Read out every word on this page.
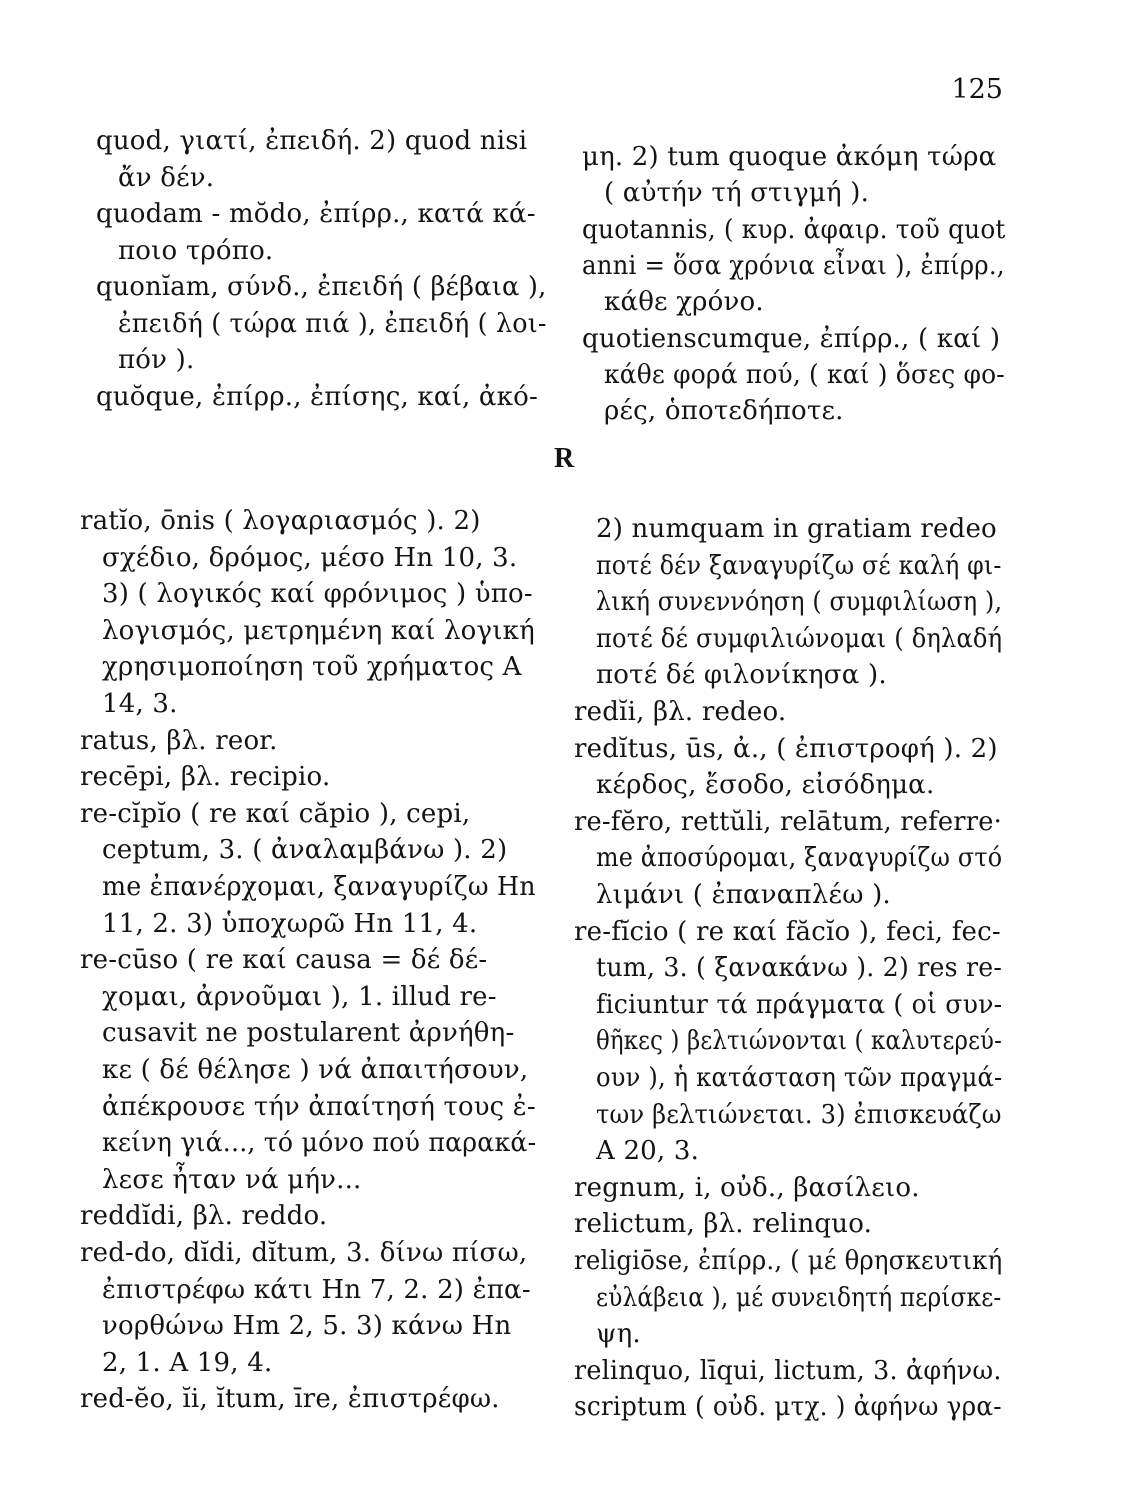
125
R
quod, γιατί, ἐπειδή. 2) quod nisi
ἄν δέν.
quodam - mŏdo, ἐπίρρ., κατά κά-
ποιο τρόπο.
quonĭam, σύνδ., ἐπειδή ( βέβαια ),
ἐπειδή ( τώρα πιά ), ἐπειδή ( λοι-
πόν ).
quŏque, ἐπίρρ., ἐπίσης, καί, ἀκό-
μη. 2) tum quoque ἀκόμη τώρα
( αὐτήν τή στιγμή ).
quotannis, ( κυρ. ἀφαιρ. τοῦ quot
anni = ὅσα χρόνια εἶναι ), ἐπίρρ.,
κάθε χρόνο.
quotienscumque, ἐπίρρ., ( καί )
κάθε φορά πού, ( καί ) ὅσες φο-
ρές, ὁποτεδήποτε.
ratĭo, ōnis ( λογαριασμός ). 2)
σχέδιο, δρόμος, μέσο Hn 10, 3.
3) ( λογικός καί φρόνιμος ) ὑπο-
λογισμός, μετρημένη καί λογική
χρησιμοποίηση τοῦ χρήματος A
14, 3.
ratus, βλ. reor.
recēpi, βλ. recipio.
re-cĭpĭo ( re καί căpio ), cepi,
ceptum, 3. ( ἀναλαμβάνω ). 2)
me ἐπανέρχομαι, ξαναγυρίζω Hn
11, 2. 3) ὑποχωρῶ Hn 11, 4.
re-cūso ( re καί causa = δέ δέ-
χομαι, ἀρνοῦμαι ), 1. illud re-
cusavit ne postularent ἀρνήθη-
κε ( δέ θέλησε ) νά ἀπαιτήσουν,
ἀπέκρουσε τήν ἀπαίτησή τους ἐ-
κείνη γιά..., τό μόνο πού παρακά-
λεσε ἦταν νά μήν...
reddĭdi, βλ. reddo.
red-do, dĭdi, dĭtum, 3. δίνω πίσω,
ἐπιστρέφω κάτι Hn 7, 2. 2) ἐπα-
νορθώνω Hm 2, 5. 3) κάνω Hn
2, 1. A 19, 4.
red-ĕo, ĭi, ĭtum, īre, ἐπιστρέφω.
2) numquam in gratiam redeo
ποτέ δέν ξαναγυρίζω σέ καλή φι-
λική συνεννόηση ( συμφιλίωση ),
ποτέ δέ συμφιλιώνομαι ( δηλαδή
ποτέ δέ φιλονίκησα ).
redĭi, βλ. redeo.
redĭtus, ūs, ἀ., ( ἐπιστροφή ). 2)
κέρδος, ἔσοδο, εἰσόδημα.
re-fĕro, rettŭli, relātum, referre·
me ἀποσύρομαι, ξαναγυρίζω στό
λιμάνι ( ἐπαναπλέω ).
re-fĭcio ( re καί făcĭo ), feci, fec-
tum, 3. ( ξανακάνω ). 2) res re-
ficiuntur τά πράγματα ( οἱ συν-
θῆκες ) βελτιώνονται ( καλυτερεύ-
ουν ), ἡ κατάσταση τῶν πραγμά-
των βελτιώνεται. 3) ἐπισκευάζω
A 20, 3.
regnum, i, οὐδ., βασίλειο.
relictum, βλ. relinquo.
religiōse, ἐπίρρ., ( μέ θρησκευτική
εὐλάβεια ), μέ συνειδητή περίσκε-
ψη.
relinquo, līqui, lictum, 3. ἀφήνω.
scriptum ( οὐδ. μτχ. ) ἀφήνω γρα-
